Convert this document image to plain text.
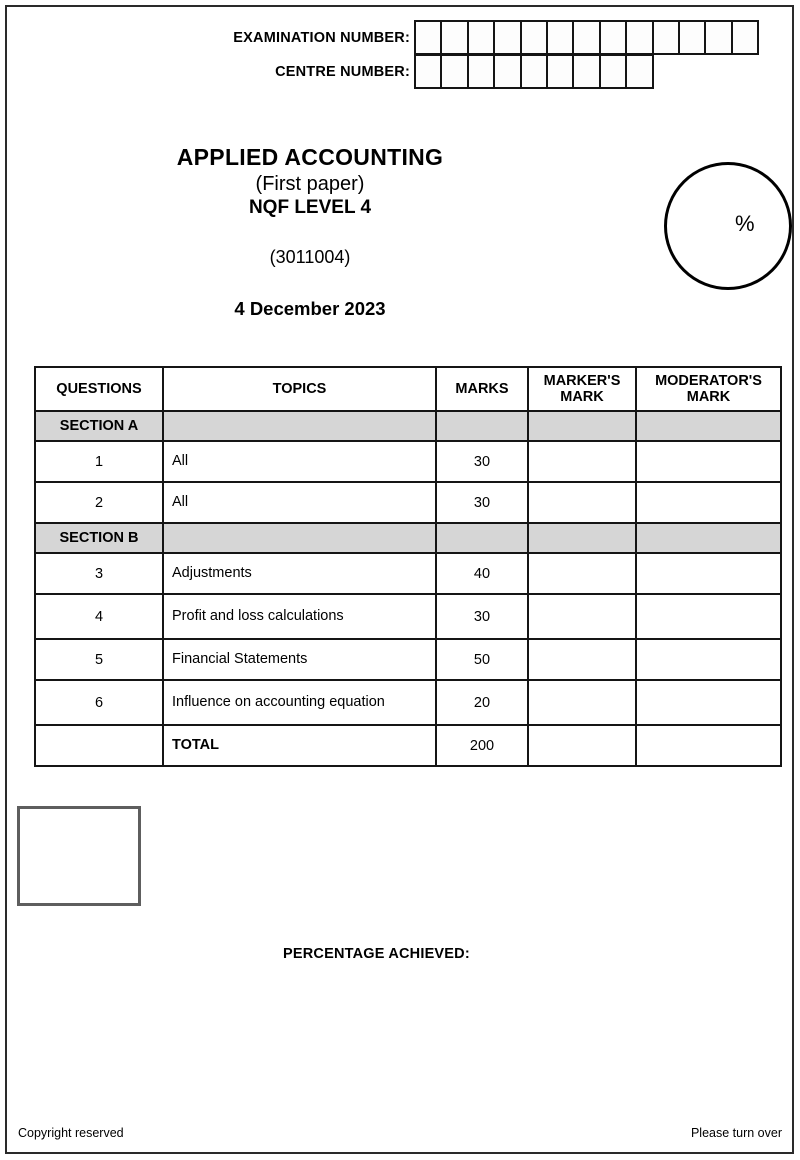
EXAMINATION NUMBER:
CENTRE NUMBER:
APPLIED ACCOUNTING
(First paper)
NQF LEVEL 4
(3011004)
4 December 2023
%
QUESTIONS	TOPICS	MARKS	MARKER'S MARK	MODERATOR'S MARK
SECTION A				
1	All	30		
2	All	30		
SECTION B				
3	Adjustments	40		
4	Profit and loss calculations	30		
5	Financial Statements	50		
6	Influence on accounting equation	20		
	TOTAL	200		
PERCENTAGE ACHIEVED:
Copyright reserved	Please turn over
